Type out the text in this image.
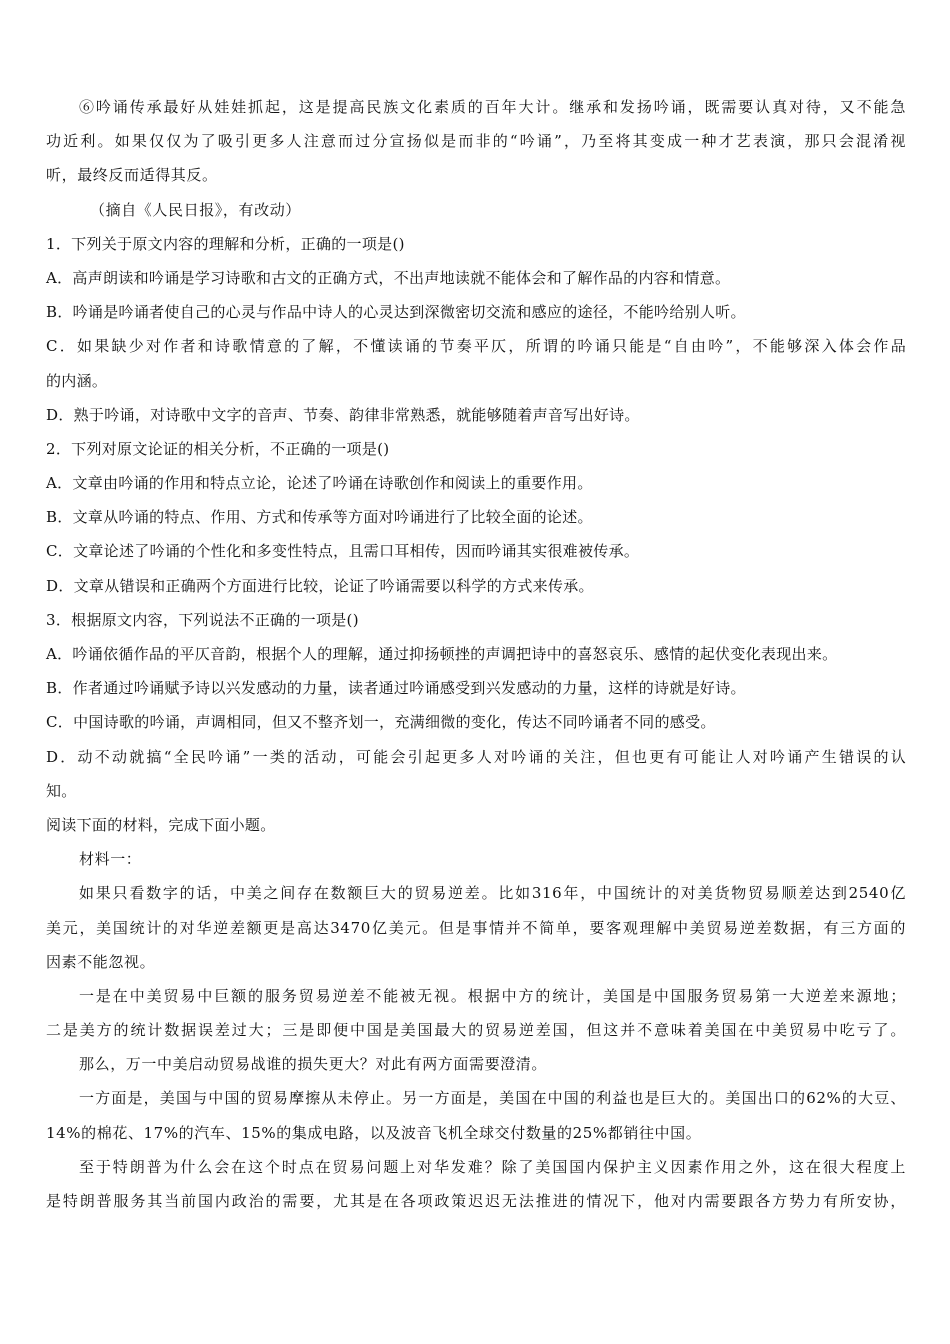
⑥吟诵传承最好从娃娃抓起，这是提高民族文化素质的百年大计。继承和发扬吟诵，既需要认真对待，又不能急
功近利。如果仅仅为了吸引更多人注意而过分宣扬似是而非的“吟诵”，乃至将其变成一种才艺表演，那只会混淆视
听，最终反而适得其反。
（摘自《人民日报》，有改动）
1．下列关于原文内容的理解和分析，正确的一项是()
A．高声朗读和吟诵是学习诗歌和古文的正确方式，不出声地读就不能体会和了解作品的内容和情意。
B．吟诵是吟诵者使自己的心灵与作品中诗人的心灵达到深微密切交流和感应的途径，不能吟给别人听。
C．如果缺少对作者和诗歌情意的了解，不懂读诵的节奏平仄，所谓的吟诵只能是“自由吟”，不能够深入体会作品
的内涵。
D．熟于吟诵，对诗歌中文字的音声、节奏、韵律非常熟悉，就能够随着声音写出好诗。
2．下列对原文论证的相关分析，不正确的一项是()
A．文章由吟诵的作用和特点立论，论述了吟诵在诗歌创作和阅读上的重要作用。
B．文章从吟诵的特点、作用、方式和传承等方面对吟诵进行了比较全面的论述。
C．文章论述了吟诵的个性化和多变性特点，且需口耳相传，因而吟诵其实很难被传承。
D．文章从错误和正确两个方面进行比较，论证了吟诵需要以科学的方式来传承。
3．根据原文内容，下列说法不正确的一项是()
A．吟诵依循作品的平仄音韵，根据个人的理解，通过抑扬顿挫的声调把诗中的喜怒哀乐、感情的起伏变化表现出来。
B．作者通过吟诵赋予诗以兴发感动的力量，读者通过吟诵感受到兴发感动的力量，这样的诗就是好诗。
C．中国诗歌的吟诵，声调相同，但又不整齐划一，充满细微的变化，传达不同吟诵者不同的感受。
D．动不动就搞“全民吟诵”一类的活动，可能会引起更多人对吟诵的关注，但也更有可能让人对吟诵产生错误的认
知。
阅读下面的材料，完成下面小题。
材料一：
如果只看数字的话，中美之间存在数额巨大的贸易逆差。比如316年，中国统计的对美货物贸易顺差达到2540亿
美元，美国统计的对华逆差额更是高达3470亿美元。但是事情并不简单，要客观理解中美贸易逆差数据，有三方面的
因素不能忽视。
一是在中美贸易中巨额的服务贸易逆差不能被无视。根据中方的统计，美国是中国服务贸易第一大逆差来源地；
二是美方的统计数据误差过大；三是即便中国是美国最大的贸易逆差国，但这并不意味着美国在中美贸易中吃亏了。
那么，万一中美启动贸易战谁的损失更大？对此有两方面需要澄清。
一方面是，美国与中国的贸易摩擦从未停止。另一方面是，美国在中国的利益也是巨大的。美国出口的62%的大豆、
14%的棉花、17%的汽车、15%的集成电路，以及波音飞机全球交付数量的25%都销往中国。
至于特朗普为什么会在这个时点在贸易问题上对华发难？除了美国国内保护主义因素作用之外，这在很大程度上
是特朗普服务其当前国内政治的需要，尤其是在各项政策迟迟无法推进的情况下，他对内需要跟各方势力有所安协，
